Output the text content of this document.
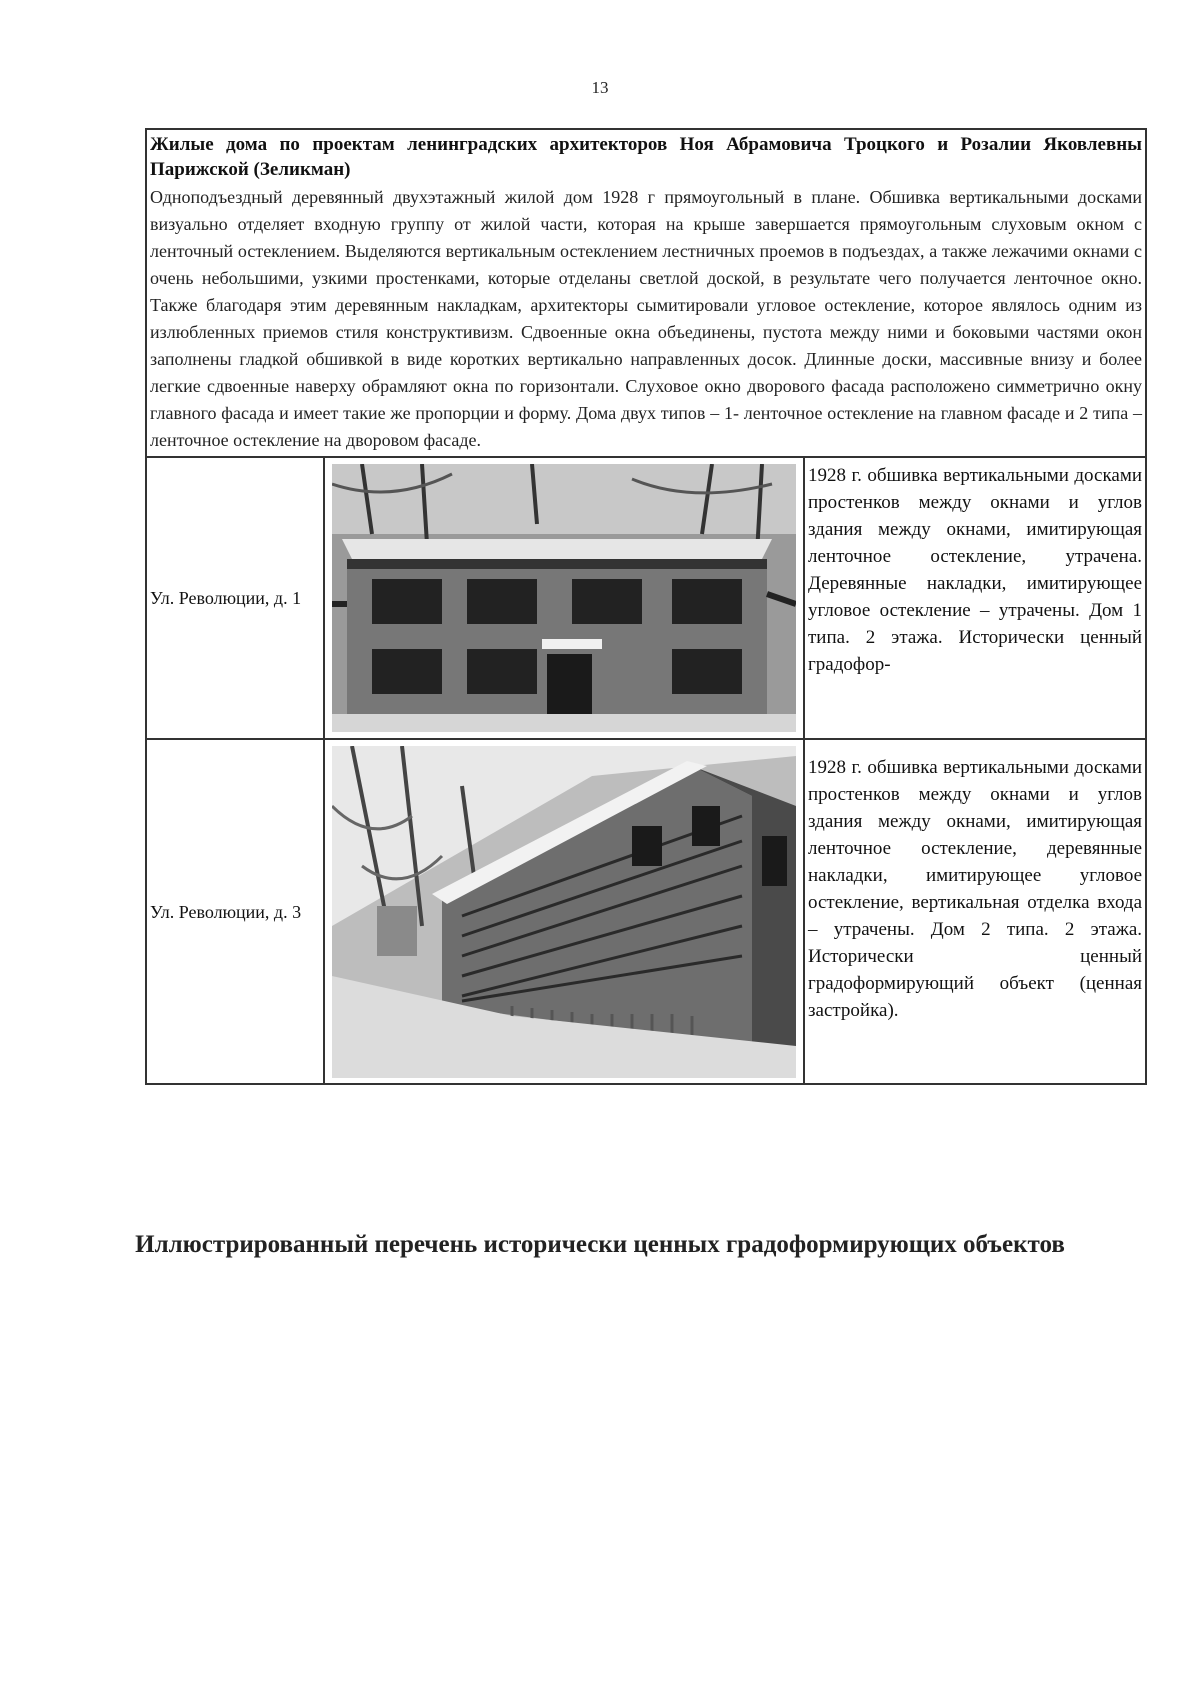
13

Жилые дома по проектам ленинградских архитекторов Ноя Абрамовича Троцкого и Розалии Яковлевны Парижской (Зеликман)

Одноподъездный деревянный двухэтажный жилой дом 1928 г прямоугольный в плане. Обшивка вертикальными досками визуально отделяет входную группу от жилой части, которая на крыше завершается прямоугольным слуховым окном с ленточный остеклением. Выделяются вертикальным остеклением лестничных проемов в подъездах, а также лежачими окнами с очень небольшими, узкими простенками, которые отделаны светлой доской, в результате чего получается ленточное окно. Также благодаря этим деревянным накладкам, архитекторы сымитировали угловое остекление, которое являлось одним из излюбленных приемов стиля конструктивизм. Сдвоенные окна объединены, пустота между ними и боковыми частями окон заполнены гладкой обшивкой в виде коротких вертикально направленных досок. Длинные доски, массивные внизу и более легкие сдвоенные наверху обрамляют окна по горизонтали. Слуховое окно дворового фасада расположено симметрично окну главного фасада и имеет такие же пропорции и форму. Дома двух типов – 1- ленточное остекление на главном фасаде и 2 типа – ленточное остекление на дворовом фасаде.		

Ул. Революции, д. 1		1928 г. обшивка вертикальными досками простенков между окнами и углов здания между окнами, имитирующая ленточное остекление, утрачена. Деревянные накладки, имитирующее угловое остекление – утрачены. Дом 1 типа. 2 этажа. Исторически ценный градофор-

Ул. Революции, д. 3		1928 г. обшивка вертикальными досками простенков между окнами и углов здания между окнами, имитирующая ленточное остекление, деревянные накладки, имитирующее угловое остекление, вертикальная отделка входа – утрачены. Дом 2 типа. 2 этажа. Исторически ценный градоформирующий объект (ценная застройка).
Иллюстрированный перечень исторически ценных градоформирующих объектов
